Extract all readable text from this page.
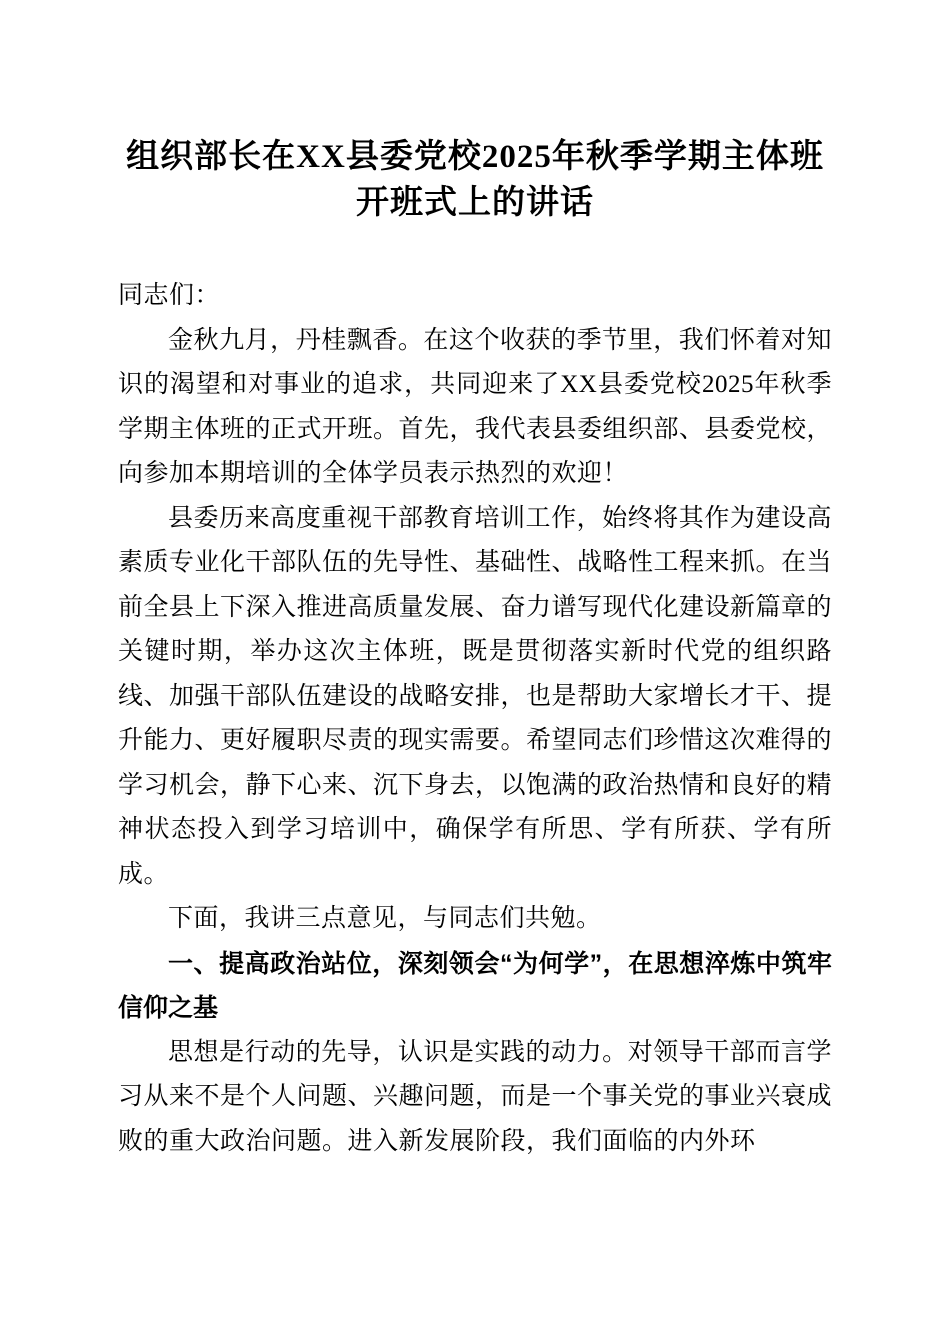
组织部长在XX县委党校2025年秋季学期主体班开班式上的讲话

同志们：

金秋九月，丹桂飘香。在这个收获的季节里，我们怀着对知识的渴望和对事业的追求，共同迎来了XX县委党校2025年秋季学期主体班的正式开班。首先，我代表县委组织部、县委党校，向参加本期培训的全体学员表示热烈的欢迎！

县委历来高度重视干部教育培训工作，始终将其作为建设高素质专业化干部队伍的先导性、基础性、战略性工程来抓。在当前全县上下深入推进高质量发展、奋力谱写现代化建设新篇章的关键时期，举办这次主体班，既是贯彻落实新时代党的组织路线、加强干部队伍建设的战略安排，也是帮助大家增长才干、提升能力、更好履职尽责的现实需要。希望同志们珍惜这次难得的学习机会，静下心来、沉下身去，以饱满的政治热情和良好的精神状态投入到学习培训中，确保学有所思、学有所获、学有所成。

下面，我讲三点意见，与同志们共勉。

一、提高政治站位，深刻领会“为何学”，在思想淬炼中筑牢信仰之基

思想是行动的先导，认识是实践的动力。对领导干部而言学习从来不是个人问题、兴趣问题，而是一个事关党的事业兴衰成败的重大政治问题。进入新发展阶段，我们面临的内外环
